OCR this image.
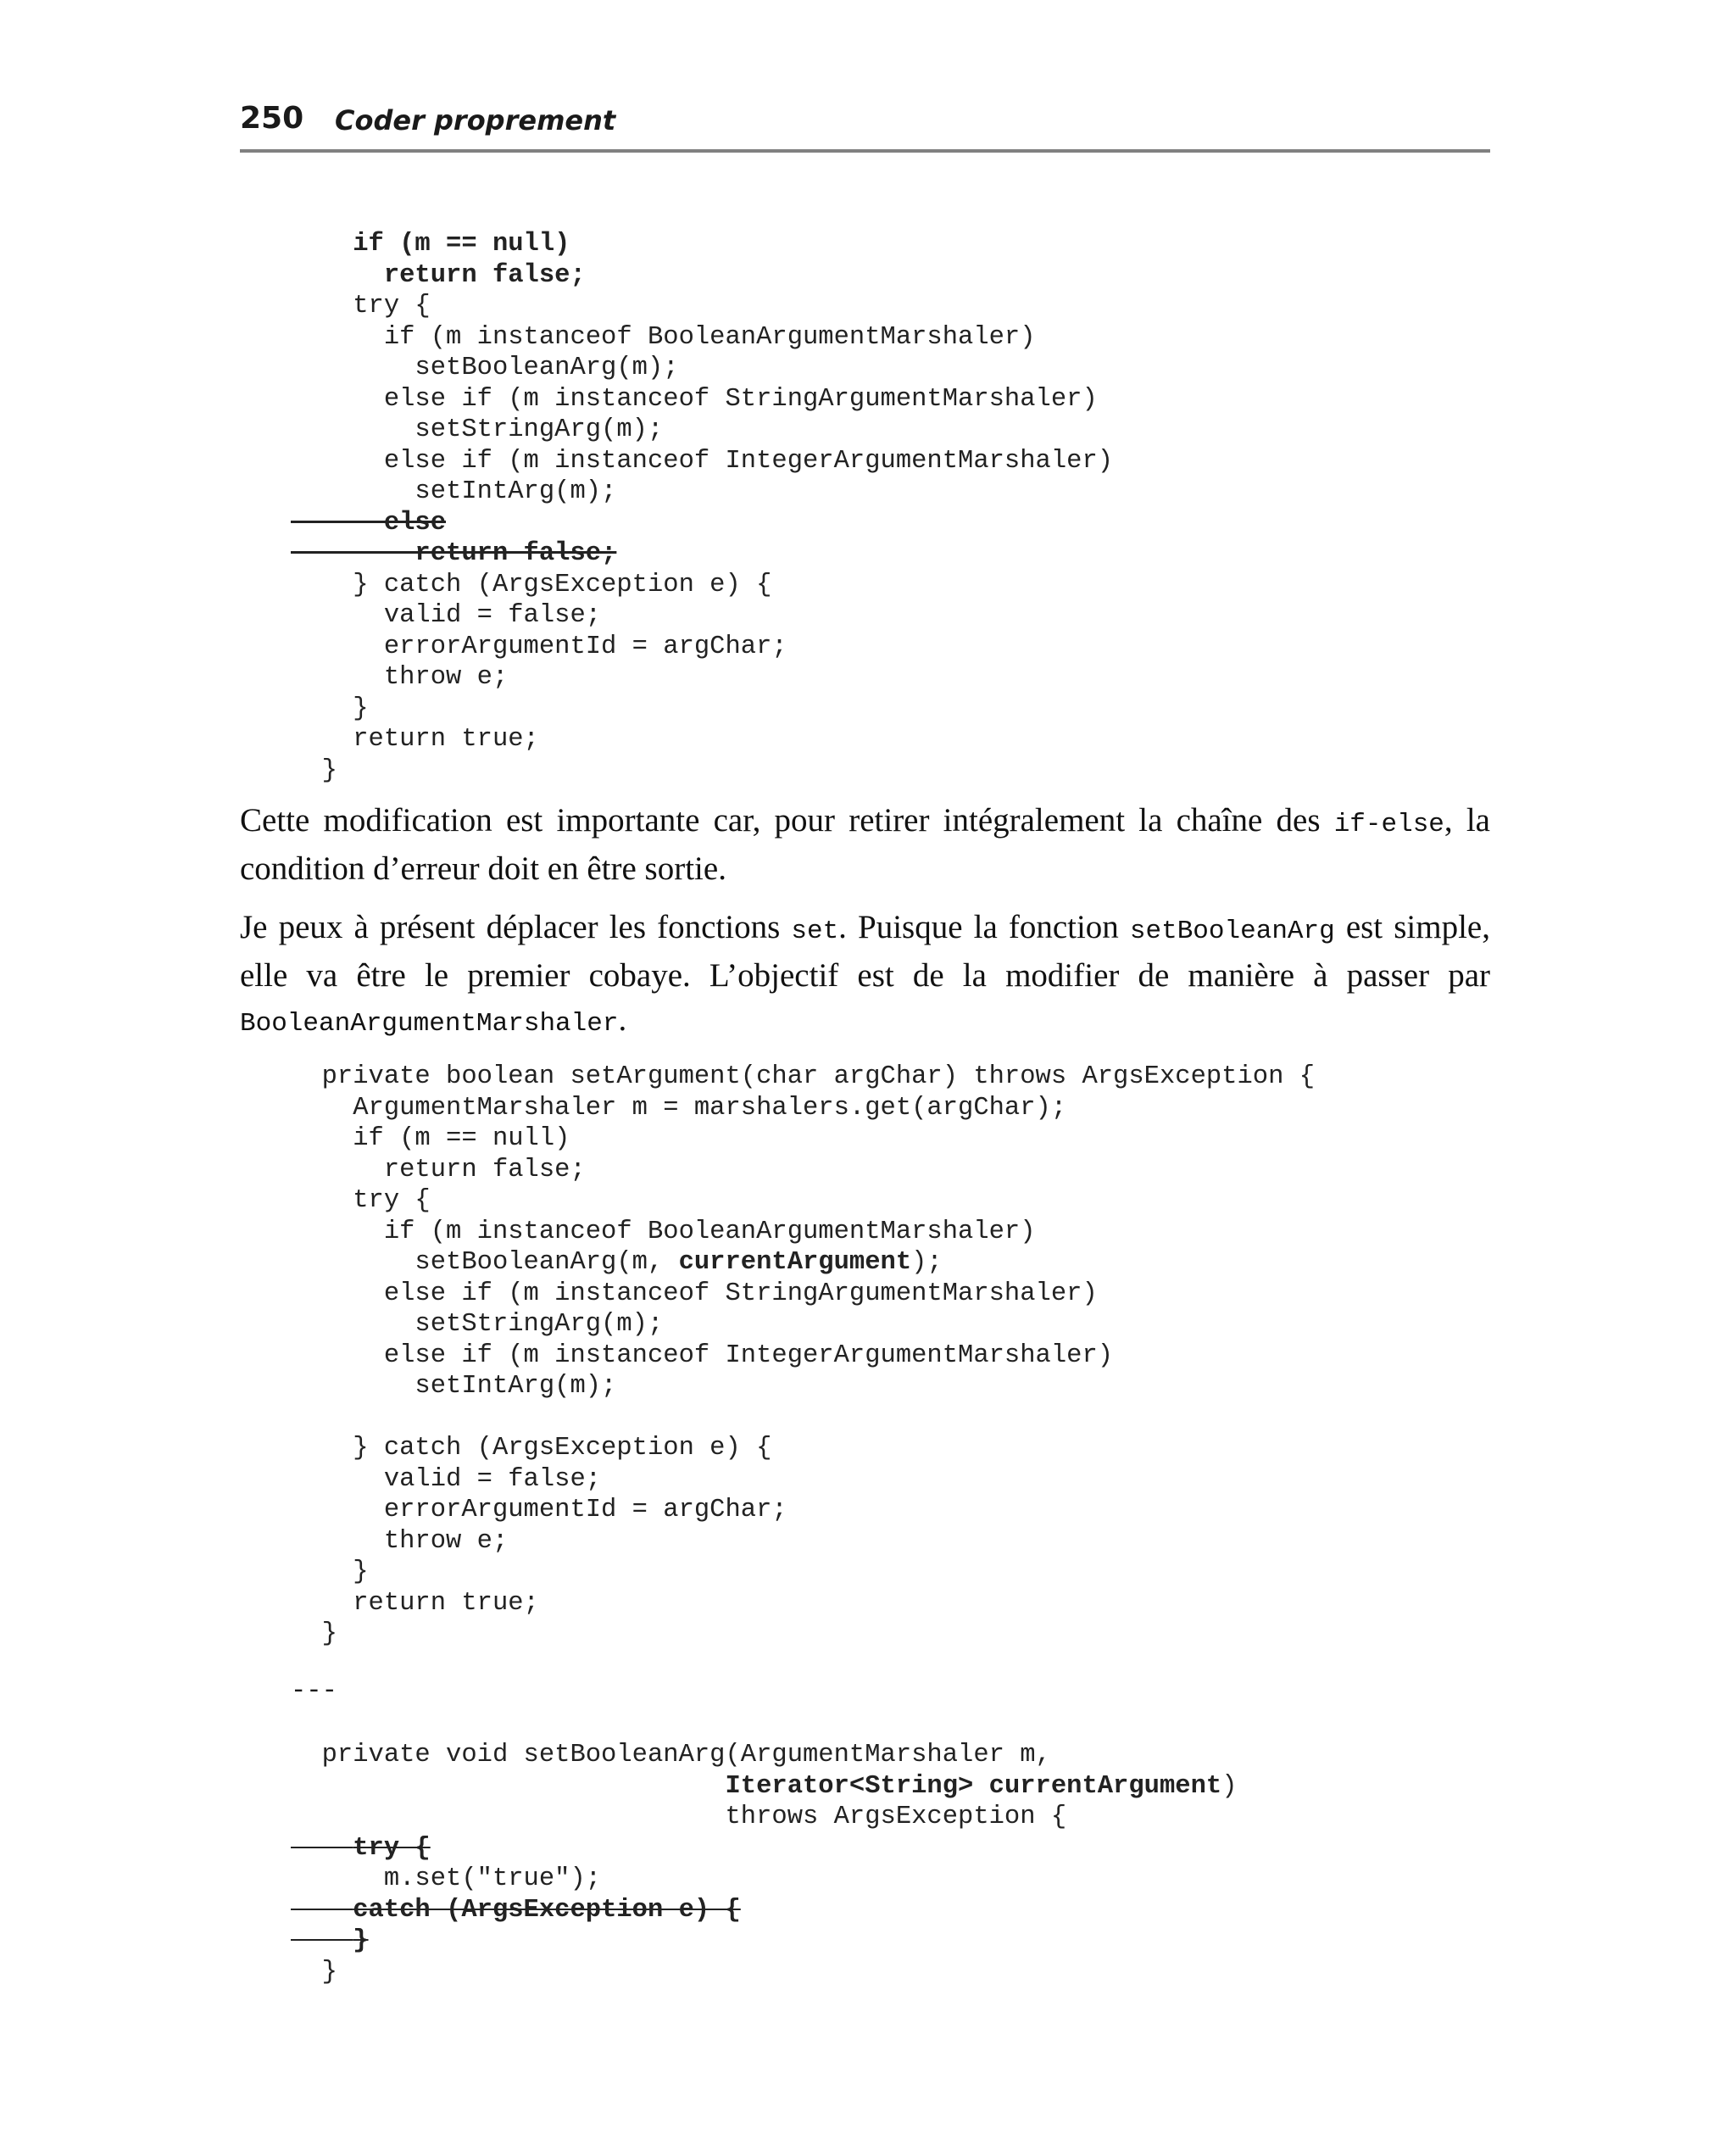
250 Coder proprement
if (m == null)
return false;
try {
if (m instanceof BooleanArgumentMarshaler)
setBooleanArg(m);
else if (m instanceof StringArgumentMarshaler)
setStringArg(m);
else if (m instanceof IntegerArgumentMarshaler)
setIntArg(m);
else
return false;
} catch (ArgsException e) {
valid = false;
errorArgumentId = argChar;
throw e;
}
return true;
}
Cette modification est importante car, pour retirer intégralement la chaîne des if-else, la condition d’erreur doit en être sortie.
Je peux à présent déplacer les fonctions set. Puisque la fonction setBooleanArg est simple, elle va être le premier cobaye. L’objectif est de la modifier de manière à passer par BooleanArgumentMarshaler.
private boolean setArgument(char argChar) throws ArgsException {
ArgumentMarshaler m = marshalers.get(argChar);
if (m == null)
return false;
try {
if (m instanceof BooleanArgumentMarshaler)
setBooleanArg(m, currentArgument);
else if (m instanceof StringArgumentMarshaler)
setStringArg(m);
else if (m instanceof IntegerArgumentMarshaler)
setIntArg(m);
} catch (ArgsException e) {
valid = false;
errorArgumentId = argChar;
throw e;
}
return true;
}
---
private void setBooleanArg(ArgumentMarshaler m,
Iterator<String> currentArgument)
throws ArgsException {
try {
m.set("true");
catch (ArgsException e) {
}
}
